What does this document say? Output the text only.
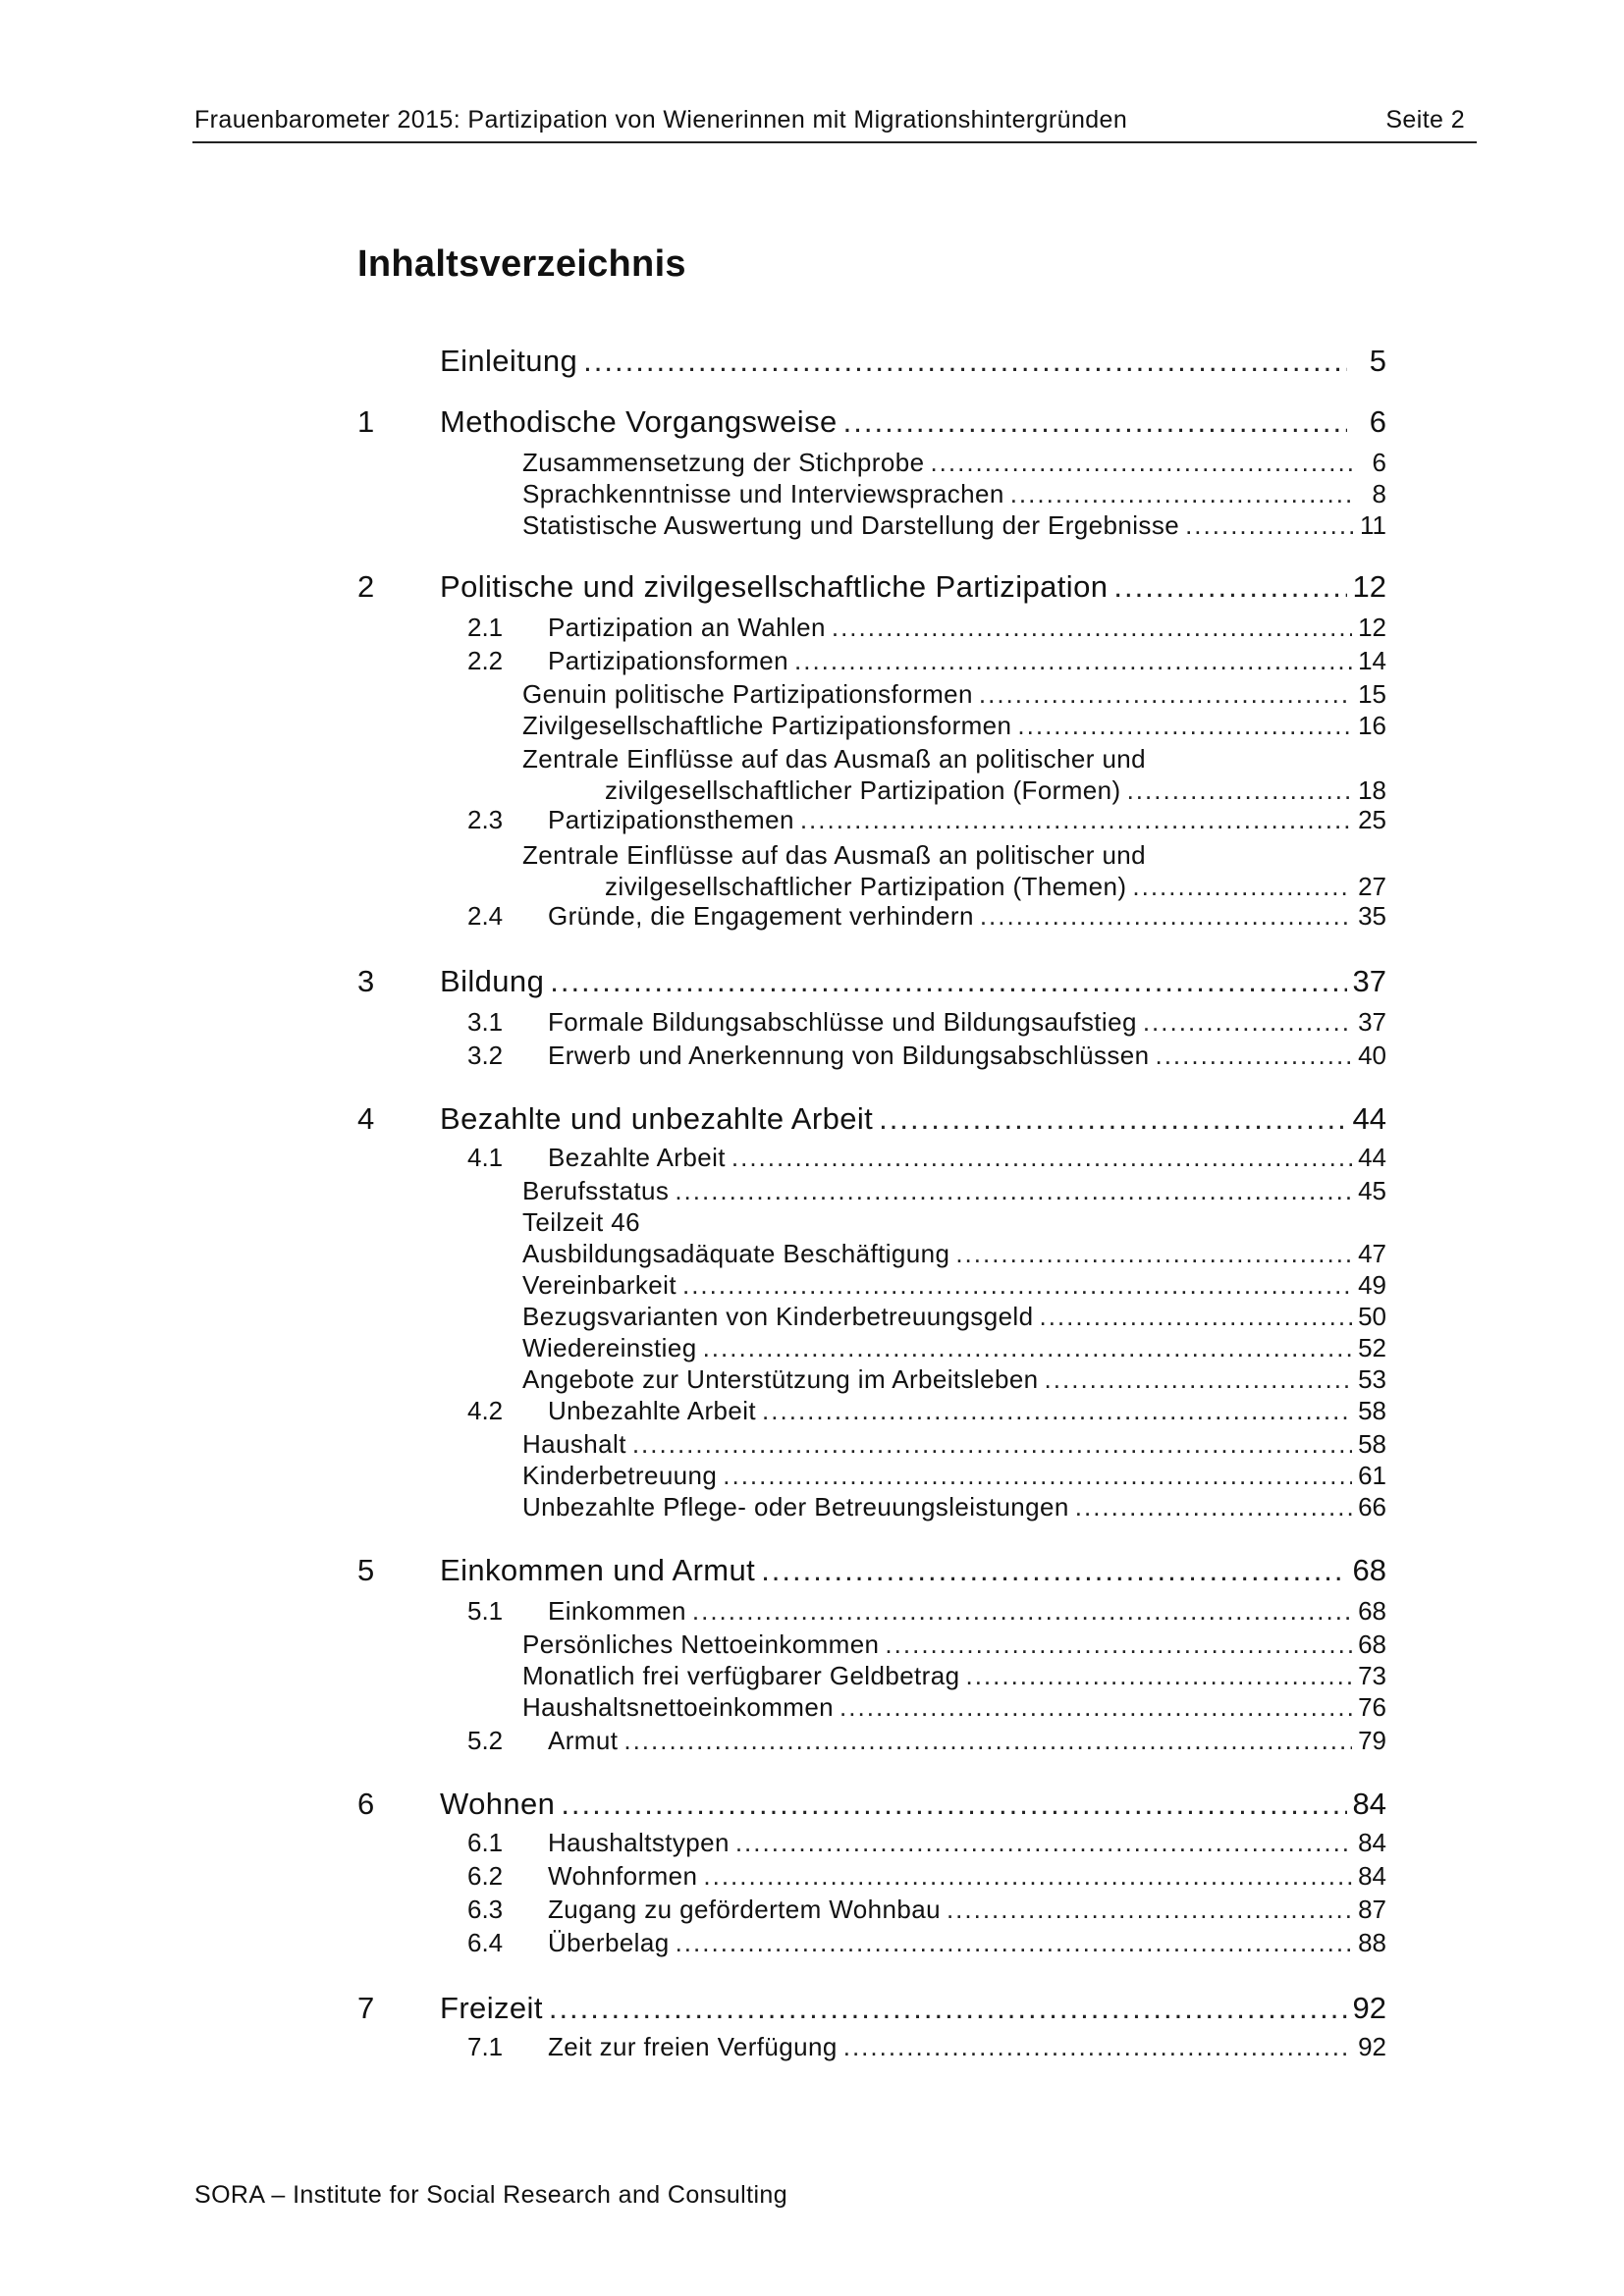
Frauenbarometer 2015: Partizipation von Wienerinnen mit Migrationshintergründen	Seite 2
Inhaltsverzeichnis
Einleitung .....	5
1	Methodische Vorgangsweise .....	6
Zusammensetzung der Stichprobe .....	6
Sprachkenntnisse und Interviewsprachen .....	8
Statistische Auswertung und Darstellung der Ergebnisse .....	11
2	Politische und zivilgesellschaftliche Partizipation .....	12
2.1	Partizipation an Wahlen .....	12
2.2	Partizipationsformen .....	14
Genuin politische Partizipationsformen .....	15
Zivilgesellschaftliche Partizipationsformen .....	16
Zentrale Einflüsse auf das Ausmaß an politischer und
zivilgesellschaftlicher Partizipation (Formen) .....	18
2.3	Partizipationsthemen .....	25
Zentrale Einflüsse auf das Ausmaß an politischer und
zivilgesellschaftlicher Partizipation (Themen) .....	27
2.4	Gründe, die Engagement verhindern .....	35
3	Bildung .....	37
3.1	Formale Bildungsabschlüsse und Bildungsaufstieg .....	37
3.2	Erwerb und Anerkennung von Bildungsabschlüssen .....	40
4	Bezahlte und unbezahlte Arbeit .....	44
4.1	Bezahlte Arbeit .....	44
Berufsstatus .....	45
Teilzeit 46
Ausbildungsadäquate Beschäftigung .....	47
Vereinbarkeit .....	49
Bezugsvarianten von Kinderbetreuungsgeld .....	50
Wiedereinstieg .....	52
Angebote zur Unterstützung im Arbeitsleben .....	53
4.2	Unbezahlte Arbeit .....	58
Haushalt .....	58
Kinderbetreuung .....	61
Unbezahlte Pflege- oder Betreuungsleistungen .....	66
5	Einkommen und Armut .....	68
5.1	Einkommen .....	68
Persönliches Nettoeinkommen .....	68
Monatlich frei verfügbarer Geldbetrag .....	73
Haushaltsnettoeinkommen .....	76
5.2	Armut .....	79
6	Wohnen .....	84
6.1	Haushaltstypen .....	84
6.2	Wohnformen .....	84
6.3	Zugang zu gefördertem Wohnbau .....	87
6.4	Überbelag .....	88
7	Freizeit .....	92
7.1	Zeit zur freien Verfügung .....	92
SORA – Institute for Social Research and Consulting
